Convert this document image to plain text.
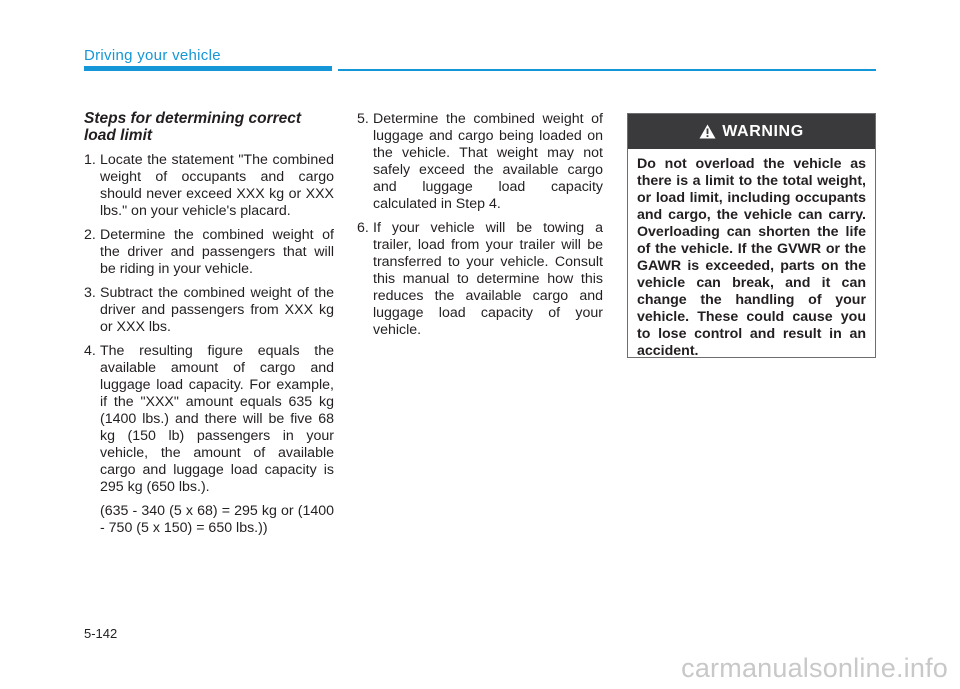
Driving your vehicle
Steps for determining correct load limit
1. Locate the statement "The combined weight of occupants and cargo should never exceed XXX kg or XXX lbs." on your vehicle's placard.
2. Determine the combined weight of the driver and passengers that will be riding in your vehicle.
3. Subtract the combined weight of the driver and passengers from XXX kg or XXX lbs.
4. The resulting figure equals the available amount of cargo and luggage load capacity. For example, if the "XXX" amount equals 635 kg (1400 lbs.) and there will be five 68 kg (150 lb) passengers in your vehicle, the amount of available cargo and luggage load capacity is 295 kg (650 lbs.).
(635 - 340 (5 x 68) = 295 kg or (1400 - 750 (5 x 150) = 650 lbs.))
5. Determine the combined weight of luggage and cargo being loaded on the vehicle. That weight may not safely exceed the available cargo and luggage load capacity calculated in Step 4.
6. If your vehicle will be towing a trailer, load from your trailer will be transferred to your vehicle. Consult this manual to determine how this reduces the available cargo and luggage load capacity of your vehicle.
WARNING
Do not overload the vehicle as there is a limit to the total weight, or load limit, including occupants and cargo, the vehicle can carry. Overloading can shorten the life of the vehicle. If the GVWR or the GAWR is exceeded, parts on the vehicle can break, and it can change the handling of your vehicle. These could cause you to lose control and result in an accident.
5-142
carmanualsonline.info
